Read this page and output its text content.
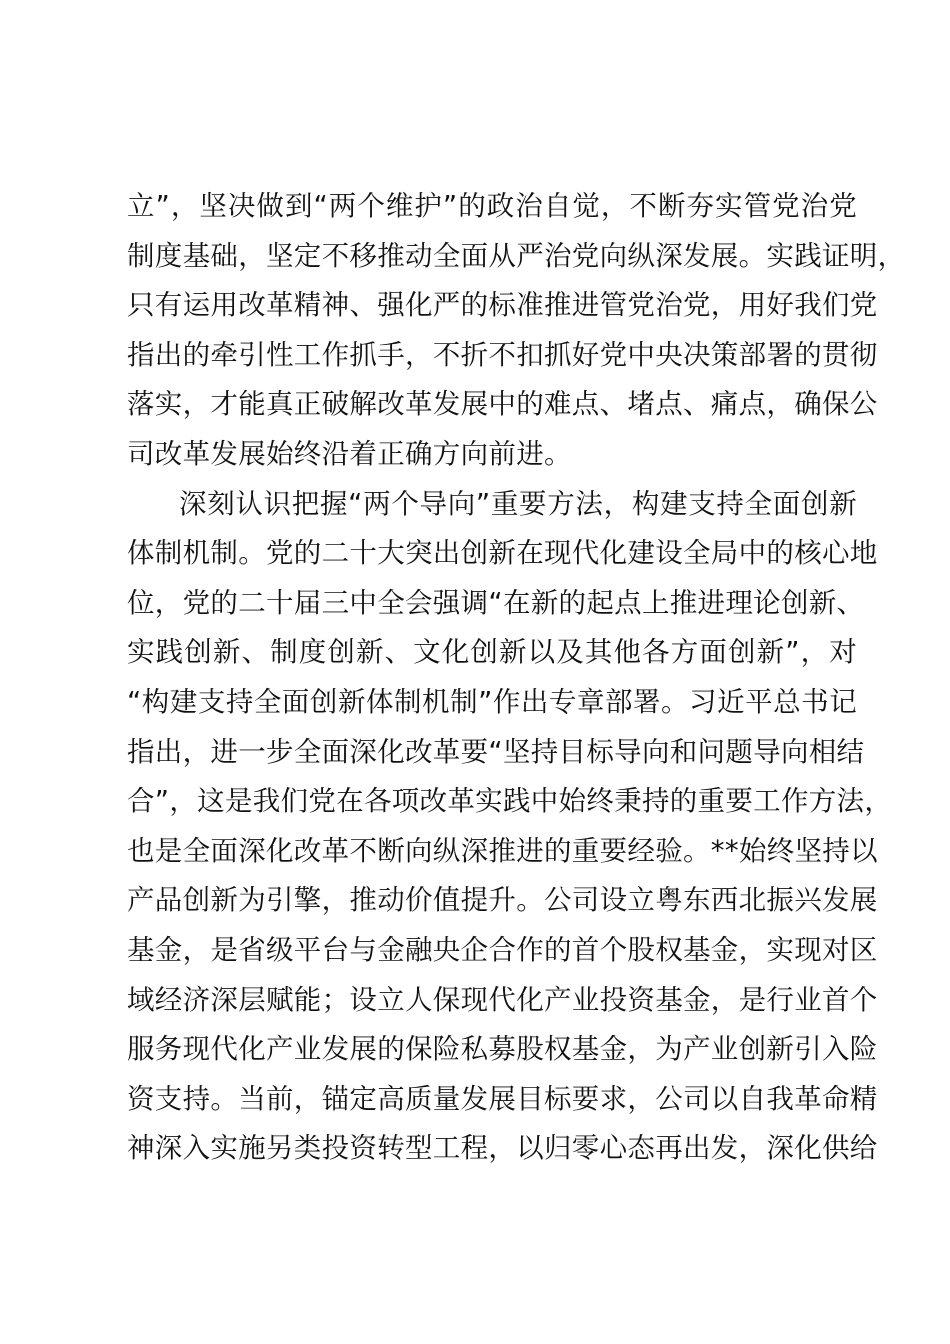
立”，坚决做到“两个维护”的政治自觉，不断夯实管党治党
制度基础，坚定不移推动全面从严治党向纵深发展。实践证明，
只有运用改革精神、强化严的标准推进管党治党，用好我们党
指出的牵引性工作抓手，不折不扣抓好党中央决策部署的贯彻
落实，才能真正破解改革发展中的难点、堵点、痛点，确保公
司改革发展始终沿着正确方向前进。
深刻认识把握“两个导向”重要方法，构建支持全面创新
体制机制。党的二十大突出创新在现代化建设全局中的核心地
位，党的二十届三中全会强调“在新的起点上推进理论创新、
实践创新、制度创新、文化创新以及其他各方面创新”，对
“构建支持全面创新体制机制”作出专章部署。习近平总书记
指出，进一步全面深化改革要“坚持目标导向和问题导向相结
合”，这是我们党在各项改革实践中始终秉持的重要工作方法，
也是全面深化改革不断向纵深推进的重要经验。**始终坚持以
产品创新为引擎，推动价值提升。公司设立粤东西北振兴发展
基金，是省级平台与金融央企合作的首个股权基金，实现对区
域经济深层赋能；设立人保现代化产业投资基金，是行业首个
服务现代化产业发展的保险私募股权基金，为产业创新引入险
资支持。当前，锚定高质量发展目标要求，公司以自我革命精
神深入实施另类投资转型工程，以归零心态再出发，深化供给
